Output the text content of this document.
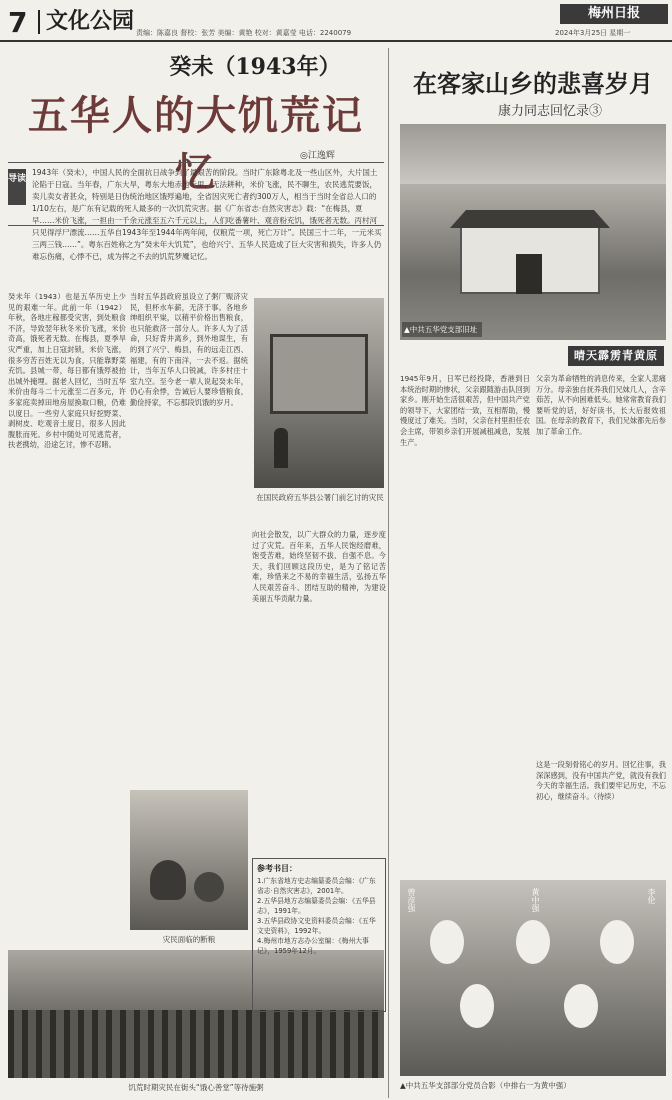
7 文化公园 责编：陈嘉良 督校：张芳 美编：黄艳 校对：黄嘉莹 电话：2240079
梅州日报
2024年3月25日 星期一
癸未（1943年）
五华人的大饥荒记忆	◎江逸辉
导读
1943年（癸未），中国人民的全面抗日战争到了最艰苦的阶段。当时广东除粤北及一些山区外，大片国土沦陷于日寇。当年春，广东大旱，粤东大地赤地千里，无法耕种，米价飞涨，民不聊生，农民逃荒要饭，卖儿卖女者甚众，特别是日伪统治地区饿殍遍地，全省因灾死亡者约300万人，相当于当时全省总人口的1/10左右，是广东有记载的死人最多的一次饥荒灾害。据《广东省志·自然灾害志》载：“在梅县，夏早……米价飞涨，一担由一千余元涨至五六千元以上，人们吃番薯叶、观音粉充饥，饿死者无数。丙村河只见得浮尸漂流……五华自1943年至1944年两年间，仅粮荒一项，死亡万计”。民国三十二年，一元米买三两三钱……”。粤东百姓称之为“癸未年大饥荒”，也给兴宁、五华人民造成了巨大灾害和损失，许多人仍难忘伤痛，心悸不已，成为挥之不去的饥荒梦魇记忆。
癸未年（1943）也是五华历史上少见的艰难一年。此前一年（1942）年秋，各地庄稼都受灾害，到处粮食不济，导致翌年秋冬米价飞涨，米价奇高，饿死者无数。在梅县，夏季旱灾严重，加上日寇封锁，米价飞涨，很多穷苦百姓无以为食，只能靠野菜充饥。县城一带，每日都有饿殍被抬出城外掩埋。据老人回忆，当时五华米价由每斗二十元涨至二百多元，许多家庭卖掉田地房屋换取口粮，仍难以度日。一些穷人家庭只好挖野菜、剥树皮、吃观音土度日，很多人因此腹胀而死。乡村中随处可见逃荒者，扶老携幼，沿途乞讨，惨不忍睹。
当时五华县政府虽设立了粥厂赈济灾民，但杯水车薪，无济于事。各地乡绅组织平粜，以稍平价格出售粮食，也只能救济一部分人。许多人为了活命，只好背井离乡，到外地谋生，有的到了兴宁、梅县，有的远走江西、福建，有的下南洋，一去不返。据统计，当年五华人口锐减，许多村庄十室九空。至今老一辈人说起癸未年，仍心有余悸，告诫后人要珍惜粮食，勤俭持家，不忘那段饥饿的岁月。
向社会散发，以广大群众的力量，逐步度过了灾荒。百年来，五华人民饱经磨难，饱受苦难，始终坚韧不拔、自强不息。今天，我们回顾这段历史，是为了铭记苦难，珍惜来之不易的幸福生活，弘扬五华人民艰苦奋斗、团结互助的精神，为建设美丽五华贡献力量。
在国民政府五华县公署门前乞讨的灾民
灾民面临的断粮
饥荒时期灾民在街头“饿心善堂”等待施粥
参考书目：
1.广东省地方史志编纂委员会编：《广东省志·自然灾害志》，2001年。
2.五华县地方志编纂委员会编：《五华县志》，1991年。
3.五华县政协文史资料委员会编：《五华文史资料》，1992年。
4.梅州市地方志办公室编：《梅州大事记》，1959年12月。
在客家山乡的悲喜岁月
康力同志回忆录③
▲中共五华党支部旧址
晴天霹雳青黄原
1945年9月，日军已经投降，香港到日本统治时期的惨状，父亲跟随游击队回到家乡。刚开始生活很艰苦，但中国共产党的领导下，大家团结一致，互相帮助，慢慢度过了难关。当时，父亲在村里担任农会主席，带领乡亲们开展减租减息，发展生产。
父亲为革命牺牲的消息传来，全家人悲痛万分。母亲独自抚养我们兄妹几人，含辛茹苦，从不向困难低头。她常常教育我们要听党的话，好好读书，长大后报效祖国。在母亲的教育下，我们兄妹都先后参加了革命工作。
这是一段刻骨铭心的岁月。回忆往事，我深深感到，没有中国共产党，就没有我们今天的幸福生活。我们要牢记历史，不忘初心，继续奋斗。（待续）
曾彦强	黄中强	李伦
▲中共五华支部部分党员合影（中排右一为黄中强）
